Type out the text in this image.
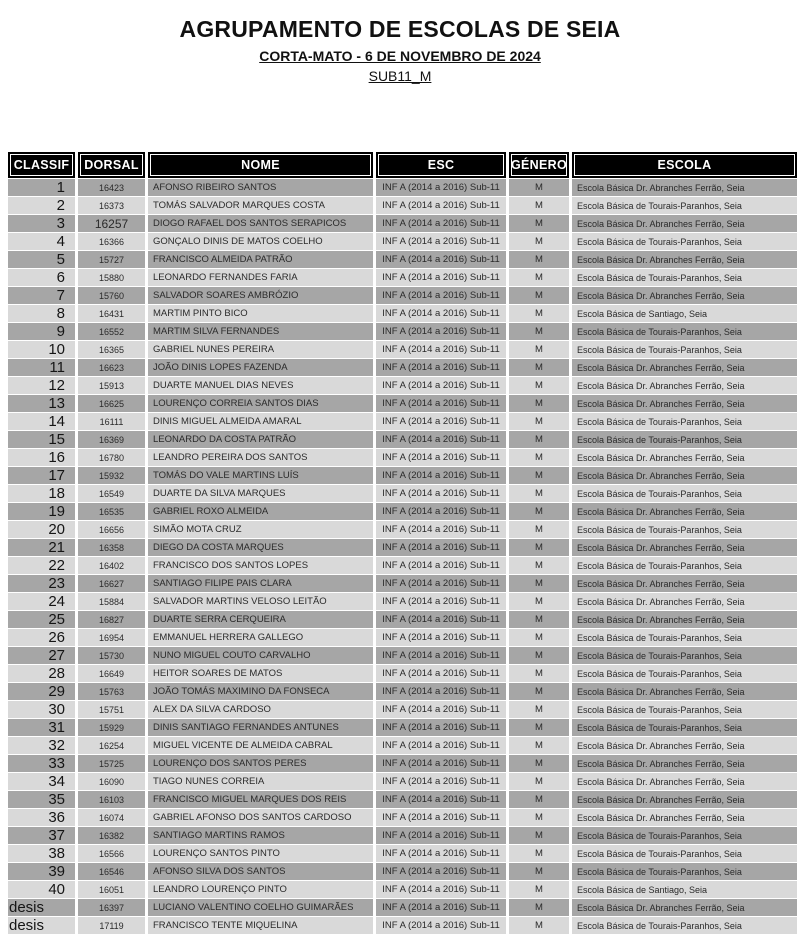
AGRUPAMENTO DE ESCOLAS DE SEIA
CORTA-MATO - 6 DE NOVEMBRO DE 2024
SUB11_M
CLASSIF	DORSAL	NOME	ESC	GÉNERO	ESCOLA
1	16423	AFONSO RIBEIRO SANTOS	INF A (2014 a 2016) Sub-11	M	Escola Básica Dr. Abranches Ferrão, Seia
2	16373	TOMÁS SALVADOR MARQUES COSTA	INF A (2014 a 2016) Sub-11	M	Escola Básica de Tourais-Paranhos, Seia
3	16257	DIOGO RAFAEL DOS SANTOS SERAPICOS	INF A (2014 a 2016) Sub-11	M	Escola Básica Dr. Abranches Ferrão, Seia
4	16366	GONÇALO DINIS DE MATOS COELHO	INF A (2014 a 2016) Sub-11	M	Escola Básica de Tourais-Paranhos, Seia
5	15727	FRANCISCO ALMEIDA PATRÃO	INF A (2014 a 2016) Sub-11	M	Escola Básica Dr. Abranches Ferrão, Seia
6	15880	LEONARDO FERNANDES FARIA	INF A (2014 a 2016) Sub-11	M	Escola Básica de Tourais-Paranhos, Seia
7	15760	SALVADOR SOARES AMBRÓZIO	INF A (2014 a 2016) Sub-11	M	Escola Básica Dr. Abranches Ferrão, Seia
8	16431	MARTIM PINTO BICO	INF A (2014 a 2016) Sub-11	M	Escola Básica de Santiago, Seia
9	16552	MARTIM SILVA FERNANDES	INF A (2014 a 2016) Sub-11	M	Escola Básica de Tourais-Paranhos, Seia
10	16365	GABRIEL NUNES PEREIRA	INF A (2014 a 2016) Sub-11	M	Escola Básica de Tourais-Paranhos, Seia
11	16623	JOÃO DINIS LOPES FAZENDA	INF A (2014 a 2016) Sub-11	M	Escola Básica Dr. Abranches Ferrão, Seia
12	15913	DUARTE MANUEL DIAS NEVES	INF A (2014 a 2016) Sub-11	M	Escola Básica Dr. Abranches Ferrão, Seia
13	16625	LOURENÇO CORREIA SANTOS DIAS	INF A (2014 a 2016) Sub-11	M	Escola Básica Dr. Abranches Ferrão, Seia
14	16111	DINIS MIGUEL ALMEIDA AMARAL	INF A (2014 a 2016) Sub-11	M	Escola Básica de Tourais-Paranhos, Seia
15	16369	LEONARDO DA COSTA PATRÃO	INF A (2014 a 2016) Sub-11	M	Escola Básica de Tourais-Paranhos, Seia
16	16780	LEANDRO PEREIRA DOS SANTOS	INF A (2014 a 2016) Sub-11	M	Escola Básica Dr. Abranches Ferrão, Seia
17	15932	TOMÁS DO VALE MARTINS LUÍS	INF A (2014 a 2016) Sub-11	M	Escola Básica Dr. Abranches Ferrão, Seia
18	16549	DUARTE DA SILVA MARQUES	INF A (2014 a 2016) Sub-11	M	Escola Básica de Tourais-Paranhos, Seia
19	16535	GABRIEL ROXO ALMEIDA	INF A (2014 a 2016) Sub-11	M	Escola Básica Dr. Abranches Ferrão, Seia
20	16656	SIMÃO MOTA CRUZ	INF A (2014 a 2016) Sub-11	M	Escola Básica de Tourais-Paranhos, Seia
21	16358	DIEGO DA COSTA MARQUES	INF A (2014 a 2016) Sub-11	M	Escola Básica Dr. Abranches Ferrão, Seia
22	16402	FRANCISCO DOS SANTOS LOPES	INF A (2014 a 2016) Sub-11	M	Escola Básica de Tourais-Paranhos, Seia
23	16627	SANTIAGO FILIPE PAIS CLARA	INF A (2014 a 2016) Sub-11	M	Escola Básica Dr. Abranches Ferrão, Seia
24	15884	SALVADOR MARTINS VELOSO LEITÃO	INF A (2014 a 2016) Sub-11	M	Escola Básica Dr. Abranches Ferrão, Seia
25	16827	DUARTE SERRA CERQUEIRA	INF A (2014 a 2016) Sub-11	M	Escola Básica Dr. Abranches Ferrão, Seia
26	16954	EMMANUEL HERRERA GALLEGO	INF A (2014 a 2016) Sub-11	M	Escola Básica de Tourais-Paranhos, Seia
27	15730	NUNO MIGUEL COUTO CARVALHO	INF A (2014 a 2016) Sub-11	M	Escola Básica de Tourais-Paranhos, Seia
28	16649	HEITOR SOARES DE MATOS	INF A (2014 a 2016) Sub-11	M	Escola Básica de Tourais-Paranhos, Seia
29	15763	JOÃO TOMÁS MAXIMINO DA FONSECA	INF A (2014 a 2016) Sub-11	M	Escola Básica Dr. Abranches Ferrão, Seia
30	15751	ALEX DA SILVA CARDOSO	INF A (2014 a 2016) Sub-11	M	Escola Básica de Tourais-Paranhos, Seia
31	15929	DINIS SANTIAGO FERNANDES ANTUNES	INF A (2014 a 2016) Sub-11	M	Escola Básica de Tourais-Paranhos, Seia
32	16254	MIGUEL VICENTE DE ALMEIDA CABRAL	INF A (2014 a 2016) Sub-11	M	Escola Básica Dr. Abranches Ferrão, Seia
33	15725	LOURENÇO DOS SANTOS PERES	INF A (2014 a 2016) Sub-11	M	Escola Básica Dr. Abranches Ferrão, Seia
34	16090	TIAGO NUNES CORREIA	INF A (2014 a 2016) Sub-11	M	Escola Básica Dr. Abranches Ferrão, Seia
35	16103	FRANCISCO MIGUEL MARQUES DOS REIS	INF A (2014 a 2016) Sub-11	M	Escola Básica Dr. Abranches Ferrão, Seia
36	16074	GABRIEL AFONSO DOS SANTOS CARDOSO	INF A (2014 a 2016) Sub-11	M	Escola Básica Dr. Abranches Ferrão, Seia
37	16382	SANTIAGO MARTINS RAMOS	INF A (2014 a 2016) Sub-11	M	Escola Básica de Tourais-Paranhos, Seia
38	16566	LOURENÇO SANTOS PINTO	INF A (2014 a 2016) Sub-11	M	Escola Básica de Tourais-Paranhos, Seia
39	16546	AFONSO SILVA DOS SANTOS	INF A (2014 a 2016) Sub-11	M	Escola Básica de Tourais-Paranhos, Seia
40	16051	LEANDRO LOURENÇO PINTO	INF A (2014 a 2016) Sub-11	M	Escola Básica de Santiago, Seia
desis	16397	LUCIANO VALENTINO COELHO GUIMARÃES	INF A (2014 a 2016) Sub-11	M	Escola Básica Dr. Abranches Ferrão, Seia
desis	17119	FRANCISCO TENTE MIQUELINA	INF A (2014 a 2016) Sub-11	M	Escola Básica de Tourais-Paranhos, Seia
